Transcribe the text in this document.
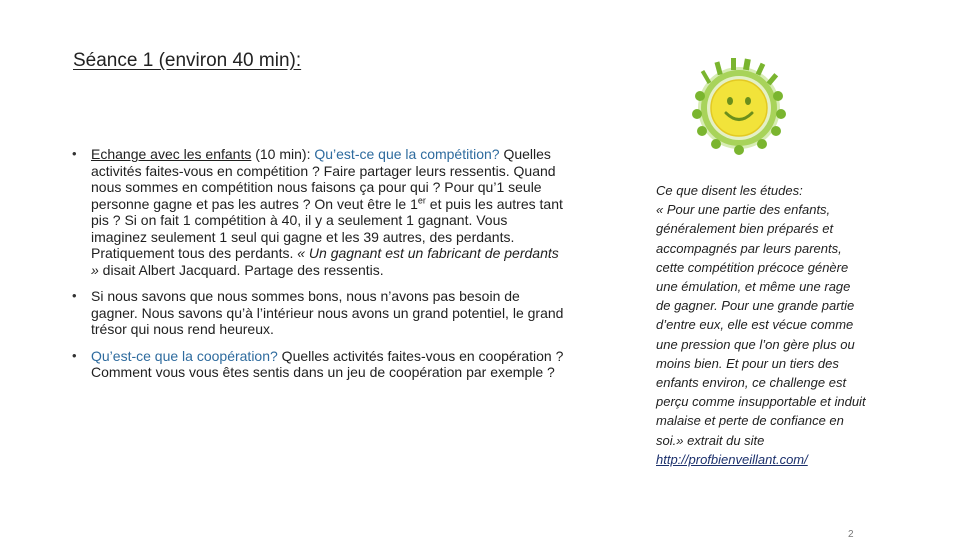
Séance 1 (environ 40 min):
• Echange avec les enfants (10 min): Qu’est-ce que la compétition? Quelles activités faites-vous en compétition ? Faire partager leurs ressentis. Quand nous sommes en compétition nous faisons ça pour qui ? Pour qu’1 seule personne gagne et pas les autres ? On veut être le 1er et puis les autres tant pis ? Si on fait 1 compétition à 40, il y a seulement 1 gagnant. Vous imaginez seulement 1 seul qui gagne et les 39 autres, des perdants. Pratiquement tous des perdants. « Un gagnant est un fabricant de perdants » disait Albert Jacquard. Partage des ressentis.
• Si nous savons que nous sommes bons, nous n’avons pas besoin de gagner. Nous savons qu’à l’intérieur nous avons un grand potentiel, le grand trésor qui nous rend heureux.
• Qu’est-ce que la coopération? Quelles activités faites-vous en coopération ? Comment vous vous êtes sentis dans un jeu de coopération par exemple ?
Ce que disent les études:
« Pour une partie des enfants, généralement bien préparés et accompagnés par leurs parents, cette compétition précoce génère une émulation, et même une rage de gagner. Pour une grande partie d’entre eux, elle est vécue comme une pression que l’on gère plus ou moins bien. Et pour un tiers des enfants environ, ce challenge est perçu comme insupportable et induit malaise et perte de confiance en soi.» extrait du site
http://profbienveillant.com/
2
